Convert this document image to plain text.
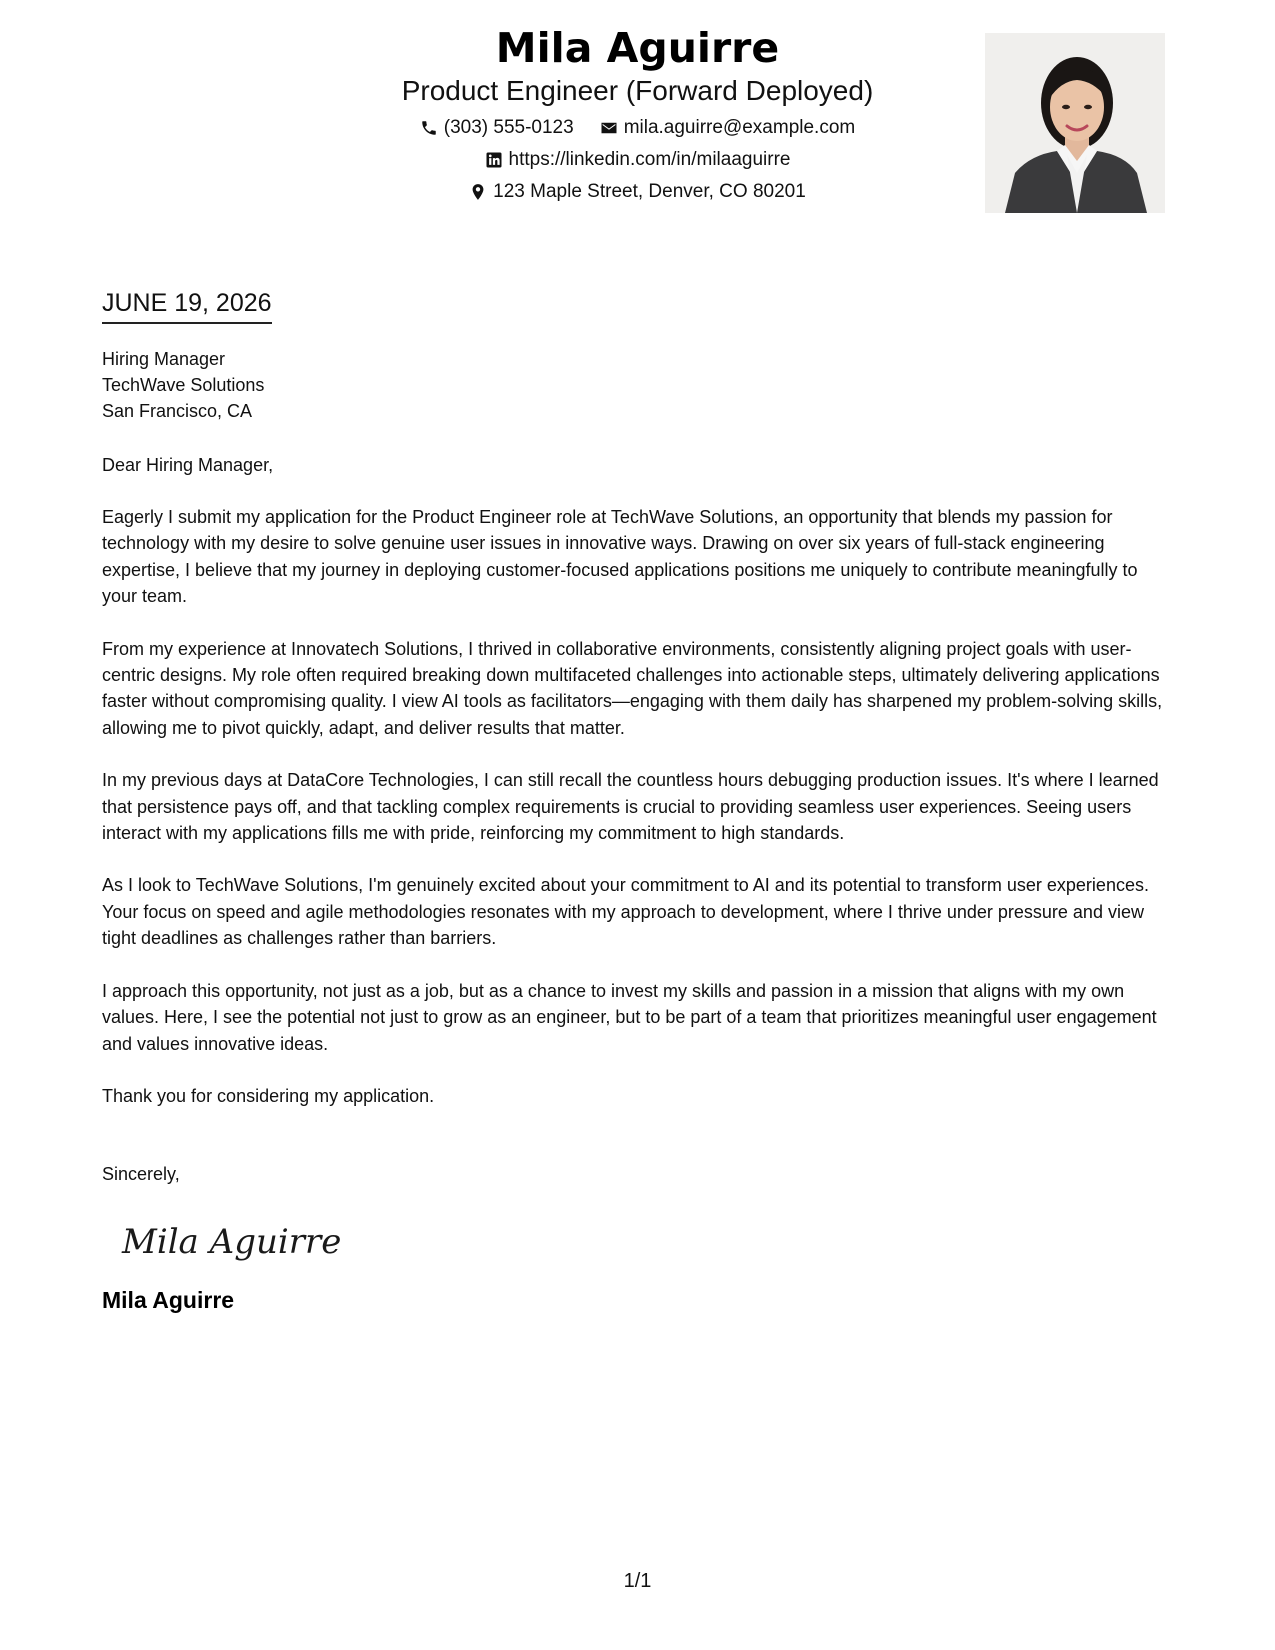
Mila Aguirre
Product Engineer (Forward Deployed)
(303) 555-0123	mila.aguirre@example.com
https://linkedin.com/in/milaaguirre
123 Maple Street, Denver, CO 80201
JUNE 19, 2026
Hiring Manager
TechWave Solutions
San Francisco, CA
Dear Hiring Manager,
Eagerly I submit my application for the Product Engineer role at TechWave Solutions, an opportunity that blends my passion for technology with my desire to solve genuine user issues in innovative ways. Drawing on over six years of full-stack engineering expertise, I believe that my journey in deploying customer-focused applications positions me uniquely to contribute meaningfully to your team.
From my experience at Innovatech Solutions, I thrived in collaborative environments, consistently aligning project goals with user-centric designs. My role often required breaking down multifaceted challenges into actionable steps, ultimately delivering applications faster without compromising quality. I view AI tools as facilitators—engaging with them daily has sharpened my problem-solving skills, allowing me to pivot quickly, adapt, and deliver results that matter.
In my previous days at DataCore Technologies, I can still recall the countless hours debugging production issues. It's where I learned that persistence pays off, and that tackling complex requirements is crucial to providing seamless user experiences. Seeing users interact with my applications fills me with pride, reinforcing my commitment to high standards.
As I look to TechWave Solutions, I'm genuinely excited about your commitment to AI and its potential to transform user experiences. Your focus on speed and agile methodologies resonates with my approach to development, where I thrive under pressure and view tight deadlines as challenges rather than barriers.
I approach this opportunity, not just as a job, but as a chance to invest my skills and passion in a mission that aligns with my own values. Here, I see the potential not just to grow as an engineer, but to be part of a team that prioritizes meaningful user engagement and values innovative ideas.
Thank you for considering my application.
Sincerely,
Mila Aguirre
Mila Aguirre
1/1
